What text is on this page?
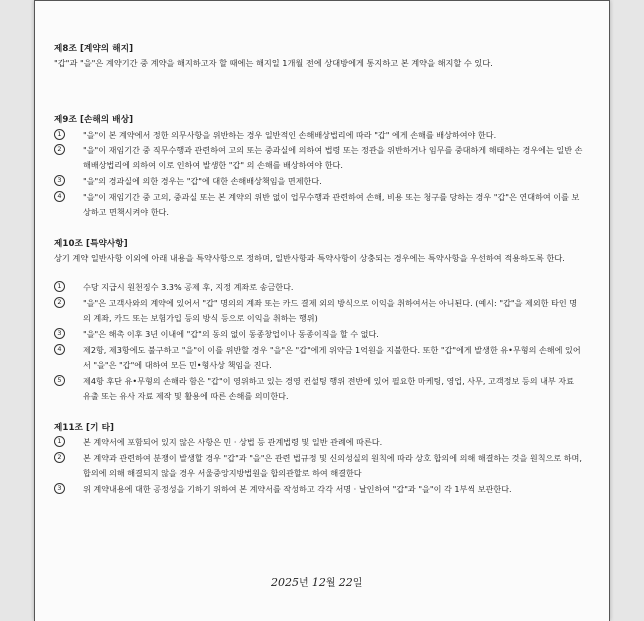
제8조 [계약의 해지]
"갑"과 "을"은 계약기간 중 계약을 해지하고자 할 때에는 해지일 1개월 전에 상대방에게 통지하고 본 계약을 해지할 수 있다.
제9조 [손해의 배상]
1	"을"이 본 계약에서 정한 의무사항을 위반하는 경우 일반적인 손해배상법리에 따라 "갑" 에게 손해를 배상하여야 한다.
2	"을"이 재임기간 중 직무수행과 관련하여 고의 또는 중과실에 의하여 법령 또는 정관을 위반하거나 임무를 중대하게 해태하는 경우에는 일반 손해배상법리에 의하여 이로 인하여 발생한 "갑" 의 손해를 배상하여야 한다.
3	"을"의 경과실에 의한 경우는 "갑"에 대한 손해배상책임을 면제한다.
4	"을"이 재임기간 중 고의, 중과실 또는 본 계약의 위반 없이 업무수행과 관련하여 손해, 비용 또는 청구를 당하는 경우 "갑"은 연대하여 이를 보상하고 면책시켜야 한다.
제10조 [특약사항]
상기 계약 일반사항 이외에 아래 내용을 특약사항으로 정하며, 일반사항과 특약사항이 상충되는 경우에는 특약사항을 우선하여 적용하도록 한다.
1	수당 지급시 원천징수 3.3% 공제 후, 지정 계좌로 송금한다.
2	"을"은 고객사와의 계약에 있어서 "갑" 명의의 계좌 또는 카드 결제 외의 방식으로 이익을 취하여서는 아니된다. (예시: "갑"을 제외한 타인 명의 계좌, 카드 또는 보험가입 등의 방식 등으로 이익을 취하는 행위)
3	"을"은 해촉 이후 3년 이내에 "갑"의 동의 없이 동종창업이나 동종이직을 할 수 없다.
4	제2항, 제3항에도 불구하고 "을"이 이를 위반할 경우 "을"은 "갑"에게 위약금 1억원을 지불한다. 또한 "갑"에게 발생한 유•무형의 손해에 있어서 "을"은 "갑"에 대하여 모든 민•형사상 책임을 진다.
5	제4항 후단 유•무형의 손해라 함은 "갑"이 영위하고 있는 경영 컨설팅 행위 전반에 있어 필요한 마케팅, 영업, 사무, 고객정보 등의 내부 자료 유출 또는 유사 자료 제작 및 활용에 따른 손해를 의미한다.
제11조 [기 타]
1	본 계약서에 포함되어 있지 않은 사항은 민 · 상법 등 관계법령 및 일반 관례에 따른다.
2	본 계약과 관련하여 분쟁이 발생할 경우 "갑"과 "을"은 관련 법규정 및 신의성실의 원칙에 따라 상호 합의에 의해 해결하는 것을 원칙으로 하며, 합의에 의해 해결되지 않을 경우 서울중앙지방법원을 합의관할로 하여 해결한다
3	위 계약내용에 대한 공정성을 기하기 위하여 본 계약서를 작성하고 각각 서명 · 날인하여 "갑"과 "을"이 각 1부씩 보관한다.
2025년 12월 22일
